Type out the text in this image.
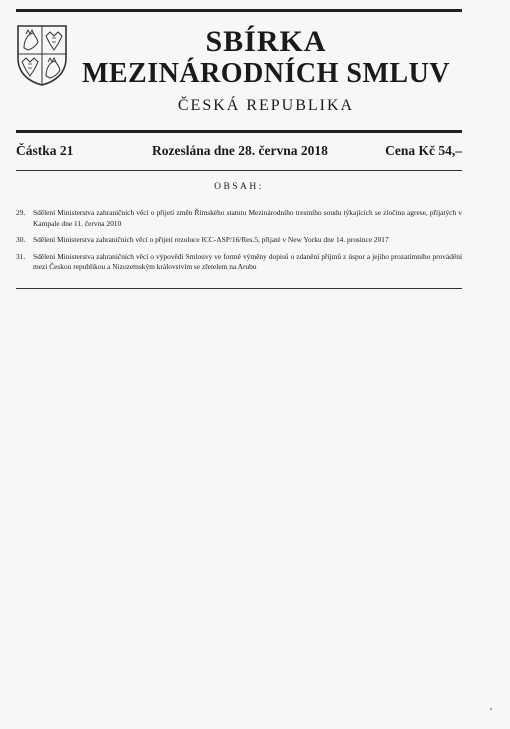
SBÍRKA
MEZINÁRODNÍCH SMLUV
ČESKÁ REPUBLIKA
Částka 21	Rozeslána dne 28. června 2018	Cena Kč 54,–
OBSAH:
29.	Sdělení Ministerstva zahraničních věcí o přijetí změn Římského statutu Mezinárodního trestního soudu týkajících se zločinu agrese, přijatých v Kampale dne 11. června 2010
30.	Sdělení Ministerstva zahraničních věcí o přijetí rezoluce ICC-ASP/16/Res.5, přijaté v New Yorku dne 14. prosince 2017
31.	Sdělení Ministerstva zahraničních věcí o výpovědi Smlouvy ve formě výměny dopisů o zdanění příjmů z úspor a jejího prozatímního provádění mezi Českou republikou a Nizozemským královstvím se zřetelem na Arubu
